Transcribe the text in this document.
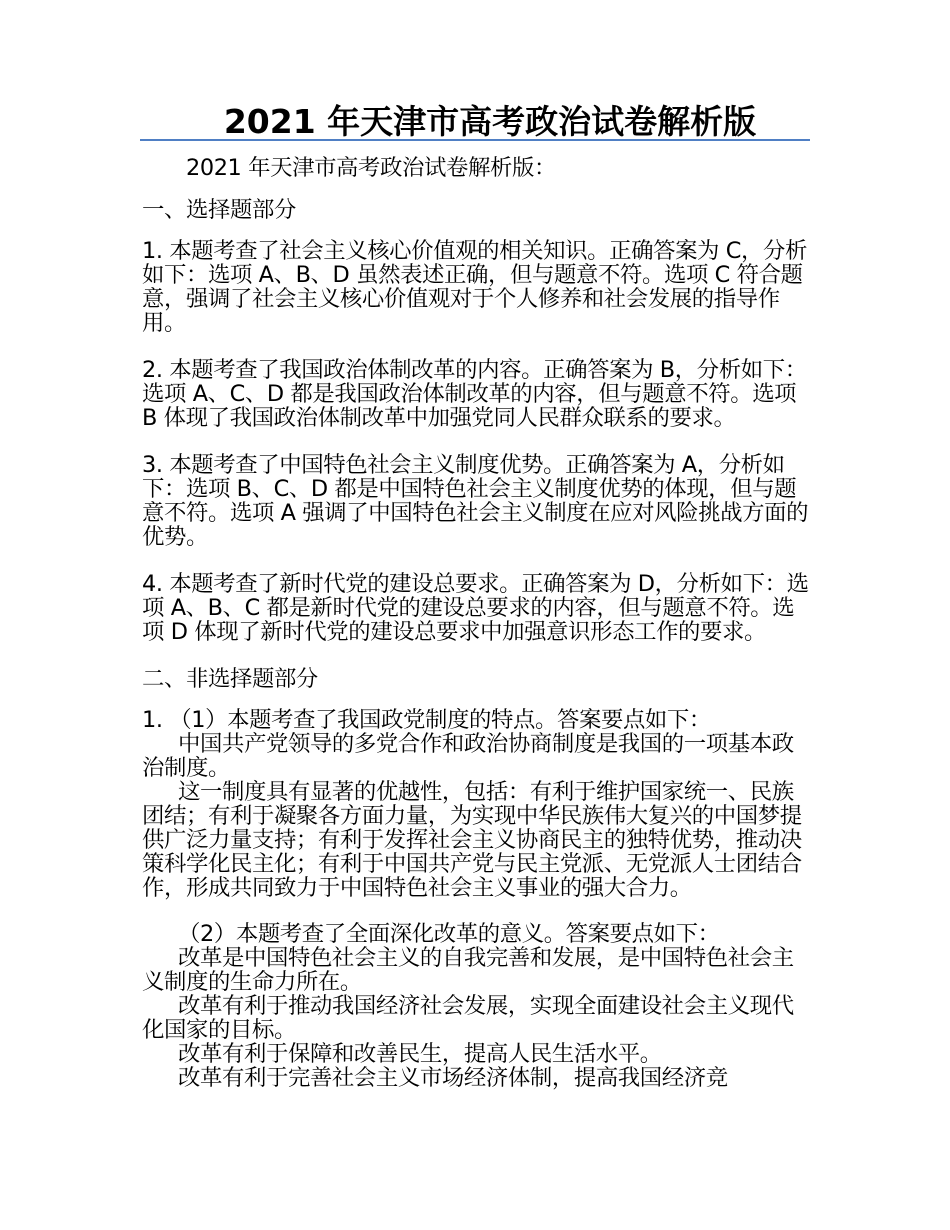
2021 年天津市高考政治试卷解析版

2021 年天津市高考政治试卷解析版：

一、选择题部分

1. 本题考查了社会主义核心价值观的相关知识。正确答案为 C，分析如下：选项 A、B、D 虽然表述正确，但与题意不符。选项 C 符合题意，强调了社会主义核心价值观对于个人修养和社会发展的指导作用。

2. 本题考查了我国政治体制改革的内容。正确答案为 B，分析如下：选项 A、C、D 都是我国政治体制改革的内容，但与题意不符。选项 B 体现了我国政治体制改革中加强党同人民群众联系的要求。

3. 本题考查了中国特色社会主义制度优势。正确答案为 A，分析如下：选项 B、C、D 都是中国特色社会主义制度优势的体现，但与题意不符。选项 A 强调了中国特色社会主义制度在应对风险挑战方面的优势。

4. 本题考查了新时代党的建设总要求。正确答案为 D，分析如下：选项 A、B、C 都是新时代党的建设总要求的内容，但与题意不符。选项 D 体现了新时代党的建设总要求中加强意识形态工作的要求。

二、非选择题部分

1. （1）本题考查了我国政党制度的特点。答案要点如下：

中国共产党领导的多党合作和政治协商制度是我国的一项基本政治制度。

这一制度具有显著的优越性，包括：有利于维护国家统一、民族团结；有利于凝聚各方面力量，为实现中华民族伟大复兴的中国梦提供广泛力量支持；有利于发挥社会主义协商民主的独特优势，推动决策科学化民主化；有利于中国共产党与民主党派、无党派人士团结合作，形成共同致力于中国特色社会主义事业的强大合力。

（2）本题考查了全面深化改革的意义。答案要点如下：

改革是中国特色社会主义的自我完善和发展，是中国特色社会主义制度的生命力所在。

改革有利于推动我国经济社会发展，实现全面建设社会主义现代化国家的目标。

改革有利于保障和改善民生，提高人民生活水平。

改革有利于完善社会主义市场经济体制，提高我国经济竞
